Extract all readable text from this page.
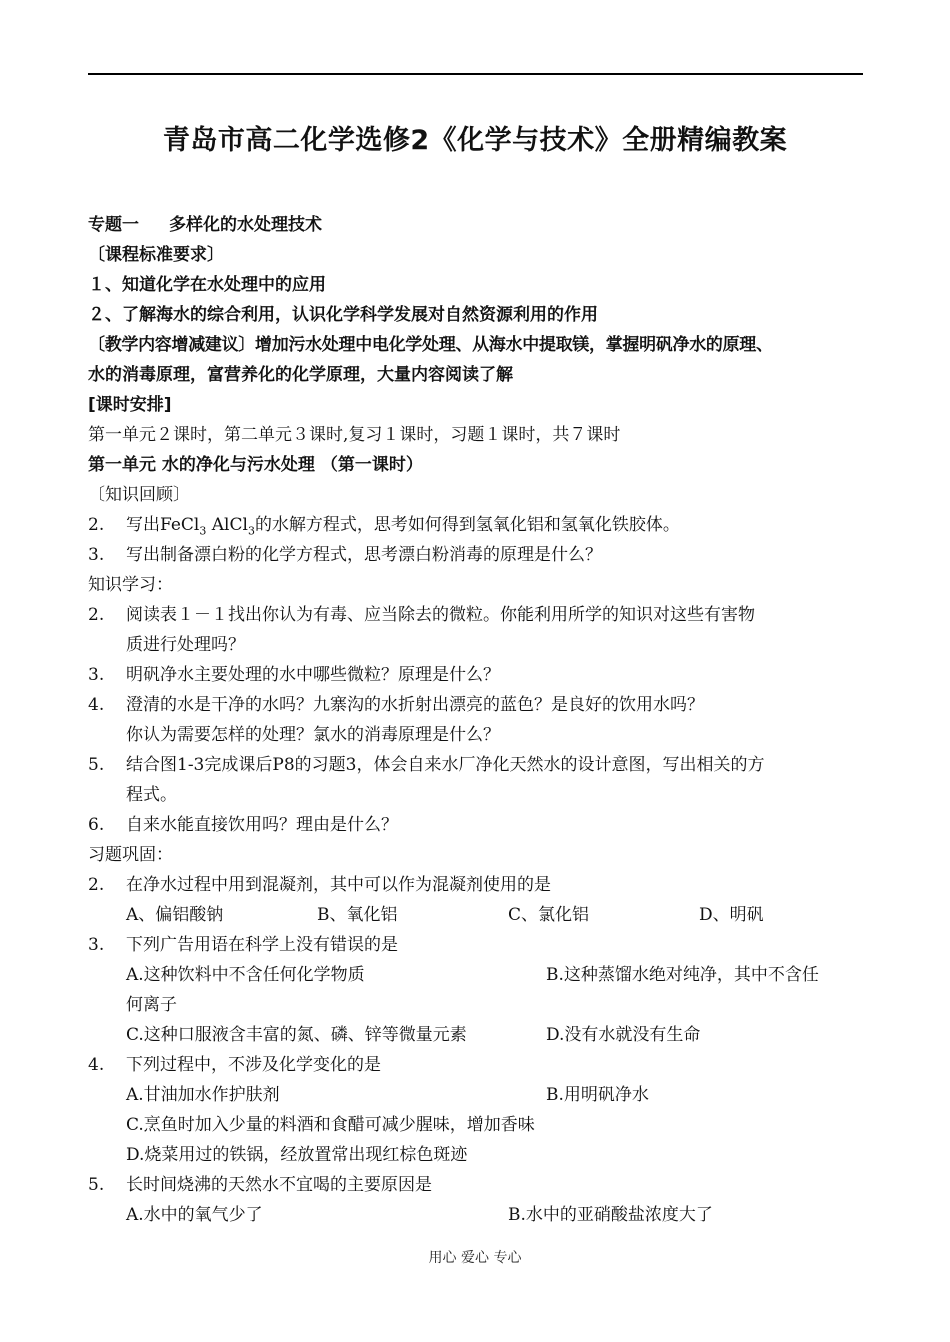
青岛市高二化学选修2《化学与技术》全册精编教案
专题一 多样化的水处理技术
〔课程标准要求〕
１、知道化学在水处理中的应用
２、了解海水的综合利用，认识化学科学发展对自然资源利用的作用
〔教学内容增减建议〕增加污水处理中电化学处理、从海水中提取镁，掌握明矾净水的原理、
水的消毒原理，富营养化的化学原理，大量内容阅读了解
[课时安排]
第一单元２课时，第二单元３课时,复习１课时，习题１课时，共７课时
第一单元 水的净化与污水处理 （第一课时）
〔知识回顾〕
2. 写出FeCl$_3$ AlCl$_3$的水解方程式，思考如何得到氢氧化铝和氢氧化铁胶体。
3. 写出制备漂白粉的化学方程式，思考漂白粉消毒的原理是什么？
知识学习：
2. 阅读表１－１找出你认为有毒、应当除去的微粒。你能利用所学的知识对这些有害物
质进行处理吗？
3. 明矾净水主要处理的水中哪些微粒？原理是什么？
4. 澄清的水是干净的水吗？九寨沟的水折射出漂亮的蓝色？是良好的饮用水吗？
你认为需要怎样的处理？氯水的消毒原理是什么？
5. 结合图1-3完成课后P8的习题3，体会自来水厂净化天然水的设计意图，写出相关的方
程式。
6. 自来水能直接饮用吗？理由是什么？
习题巩固：
2. 在净水过程中用到混凝剂，其中可以作为混凝剂使用的是
A、偏铝酸钠	B、氧化铝	C、氯化铝	D、明矾
3. 下列广告用语在科学上没有错误的是
A.这种饮料中不含任何化学物质	B.这种蒸馏水绝对纯净，其中不含任
何离子
C.这种口服液含丰富的氮、磷、锌等微量元素	D.没有水就没有生命
4. 下列过程中，不涉及化学变化的是
A.甘油加水作护肤剂	B.用明矾净水
C.烹鱼时加入少量的料酒和食醋可减少腥味，增加香味
D.烧菜用过的铁锅，经放置常出现红棕色斑迹
5. 长时间烧沸的天然水不宜喝的主要原因是
A.水中的氧气少了	B.水中的亚硝酸盐浓度大了
用心 爱心 专心
